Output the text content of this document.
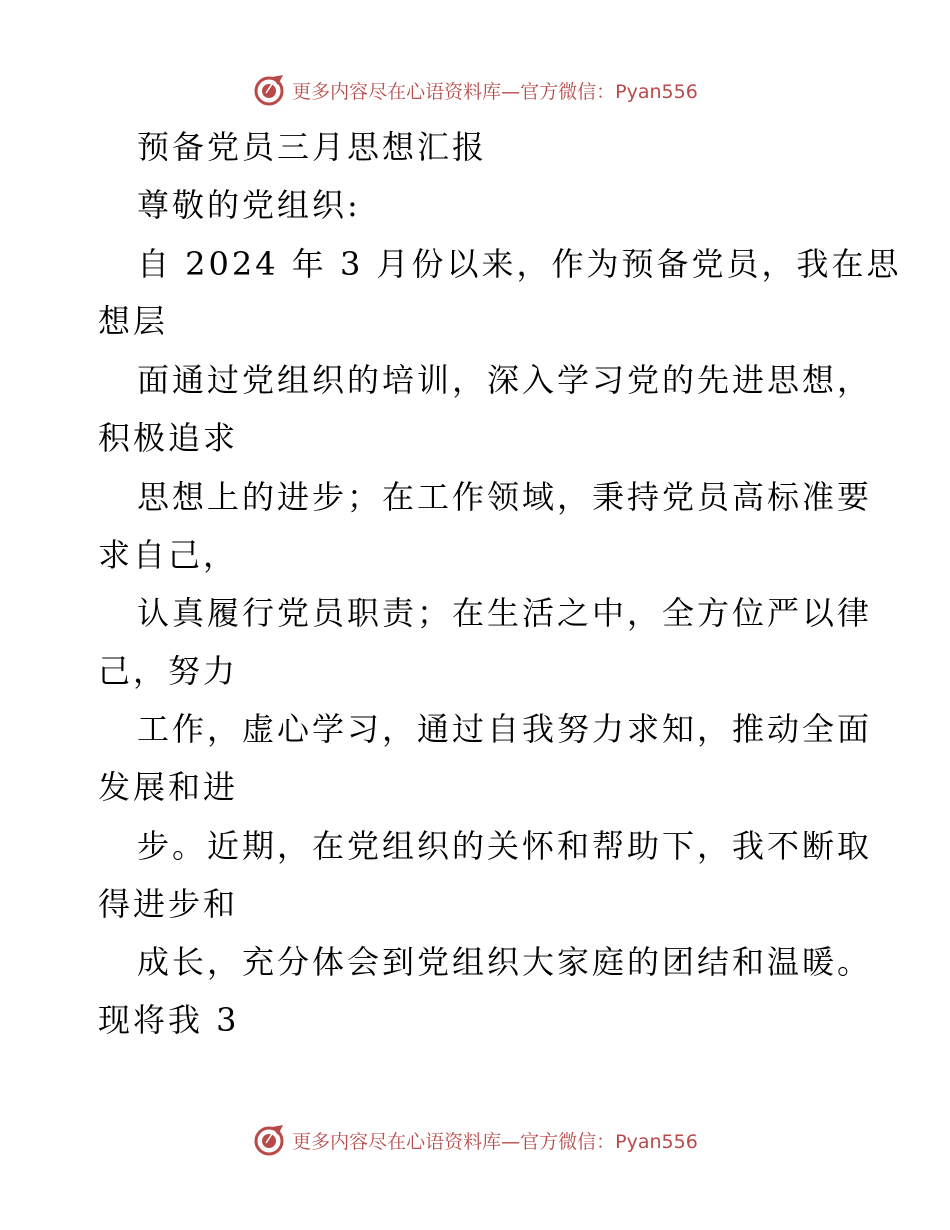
更多内容尽在心语资料库—官方微信：Pyan556
预备党员三月思想汇报
尊敬的党组织:
自 2024 年 3 月份以来，作为预备党员，我在思
想层
面通过党组织的培训，深入学习党的先进思想，
积极追求
思想上的进步；在工作领域，秉持党员高标准要
求自己，
认真履行党员职责；在生活之中，全方位严以律
己，努力
工作，虚心学习，通过自我努力求知，推动全面
发展和进
步。近期，在党组织的关怀和帮助下，我不断取
得进步和
成长，充分体会到党组织大家庭的团结和温暖。
现将我 3
更多内容尽在心语资料库—官方微信：Pyan556
